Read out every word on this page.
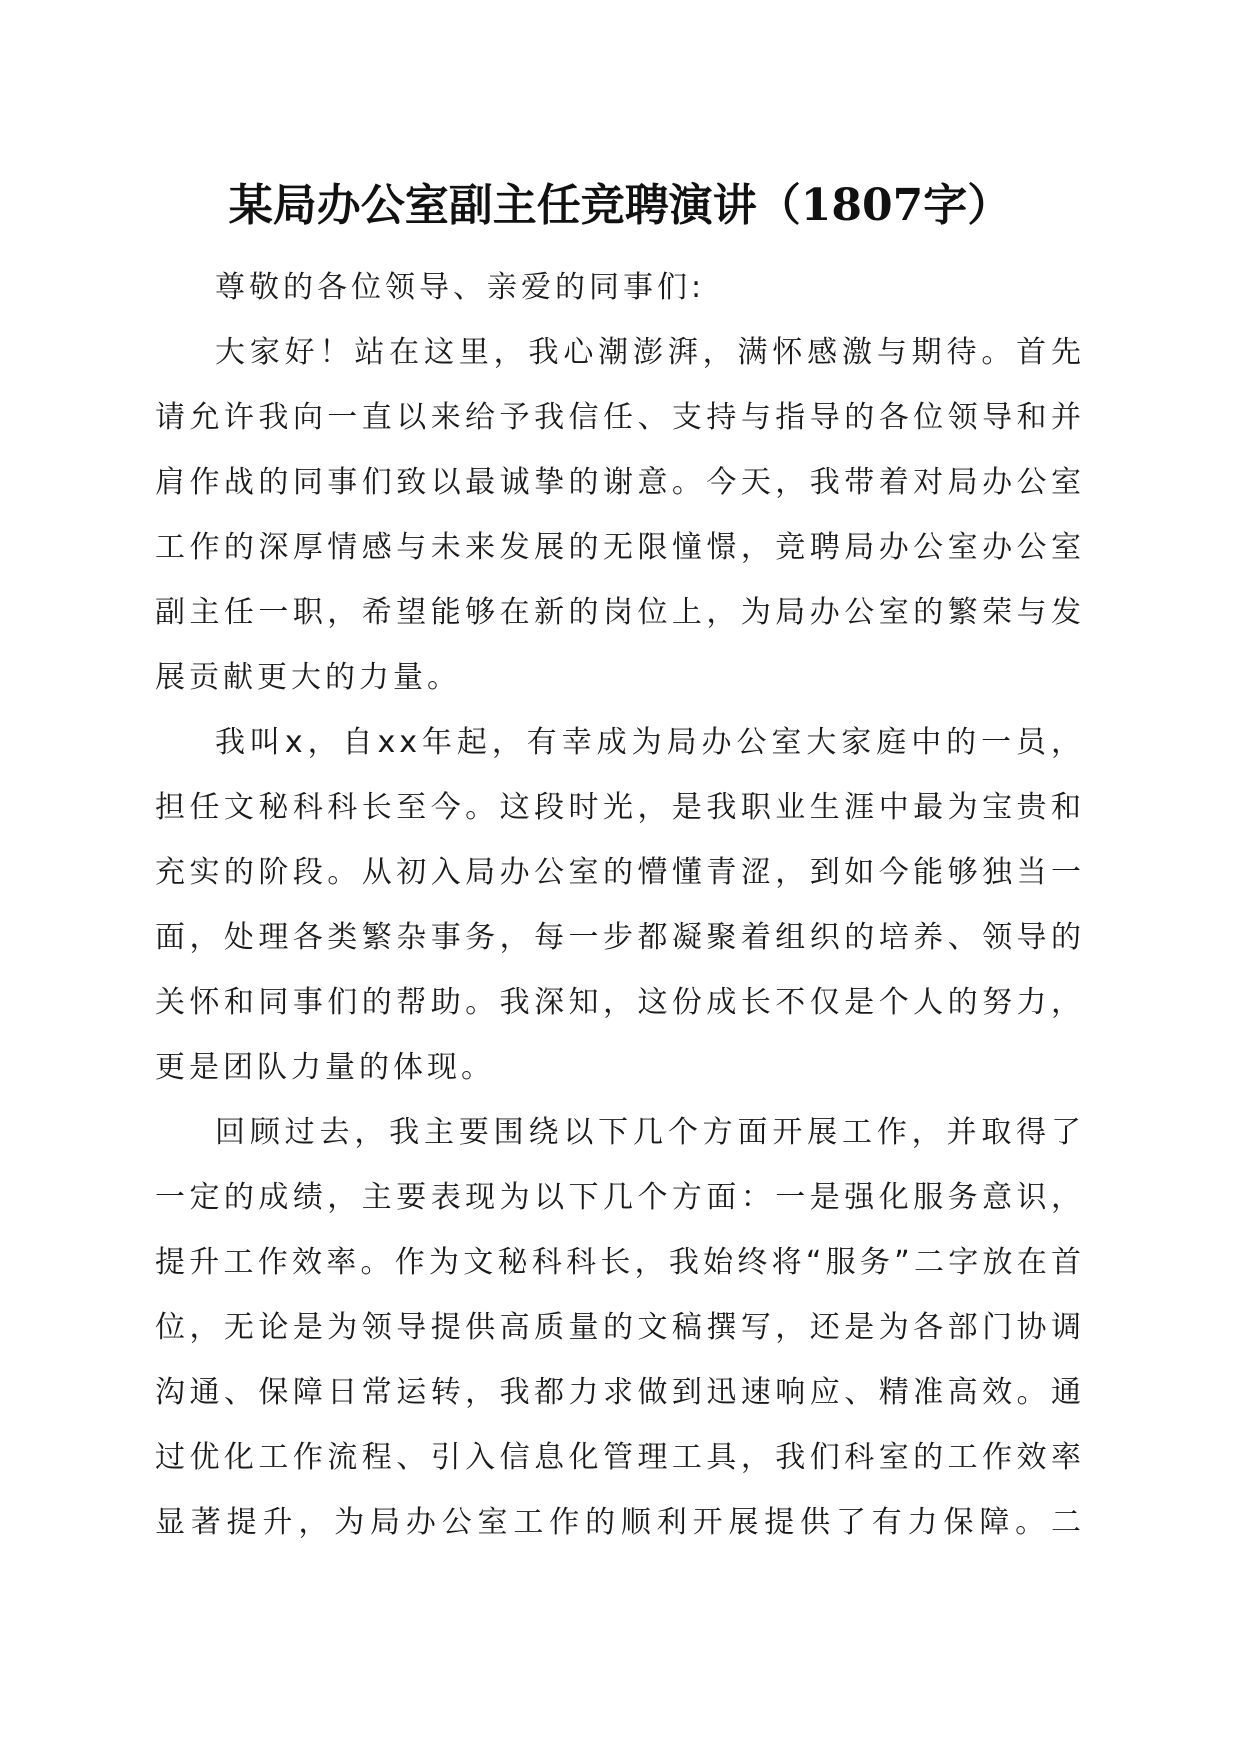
某局办公室副主任竞聘演讲（1807字）

尊敬的各位领导、亲爱的同事们:

大家好！站在这里，我心潮澎湃，满怀感激与期待。首先请允许我向一直以来给予我信任、支持与指导的各位领导和并肩作战的同事们致以最诚挚的谢意。今天，我带着对局办公室工作的深厚情感与未来发展的无限憧憬，竞聘局办公室办公室副主任一职，希望能够在新的岗位上，为局办公室的繁荣与发展贡献更大的力量。

我叫x，自xx年起，有幸成为局办公室大家庭中的一员，担任文秘科科长至今。这段时光，是我职业生涯中最为宝贵和充实的阶段。从初入局办公室的懵懂青涩，到如今能够独当一面，处理各类繁杂事务，每一步都凝聚着组织的培养、领导的关怀和同事们的帮助。我深知，这份成长不仅是个人的努力，更是团队力量的体现。

回顾过去，我主要围绕以下几个方面开展工作，并取得了一定的成绩，主要表现为以下几个方面：一是强化服务意识，提升工作效率。作为文秘科科长，我始终将“服务”二字放在首位，无论是为领导提供高质量的文稿撰写，还是为各部门协调沟通、保障日常运转，我都力求做到迅速响应、精准高效。通过优化工作流程、引入信息化管理工具，我们科室的工作效率显著提升，为局办公室工作的顺利开展提供了有力保障。二
